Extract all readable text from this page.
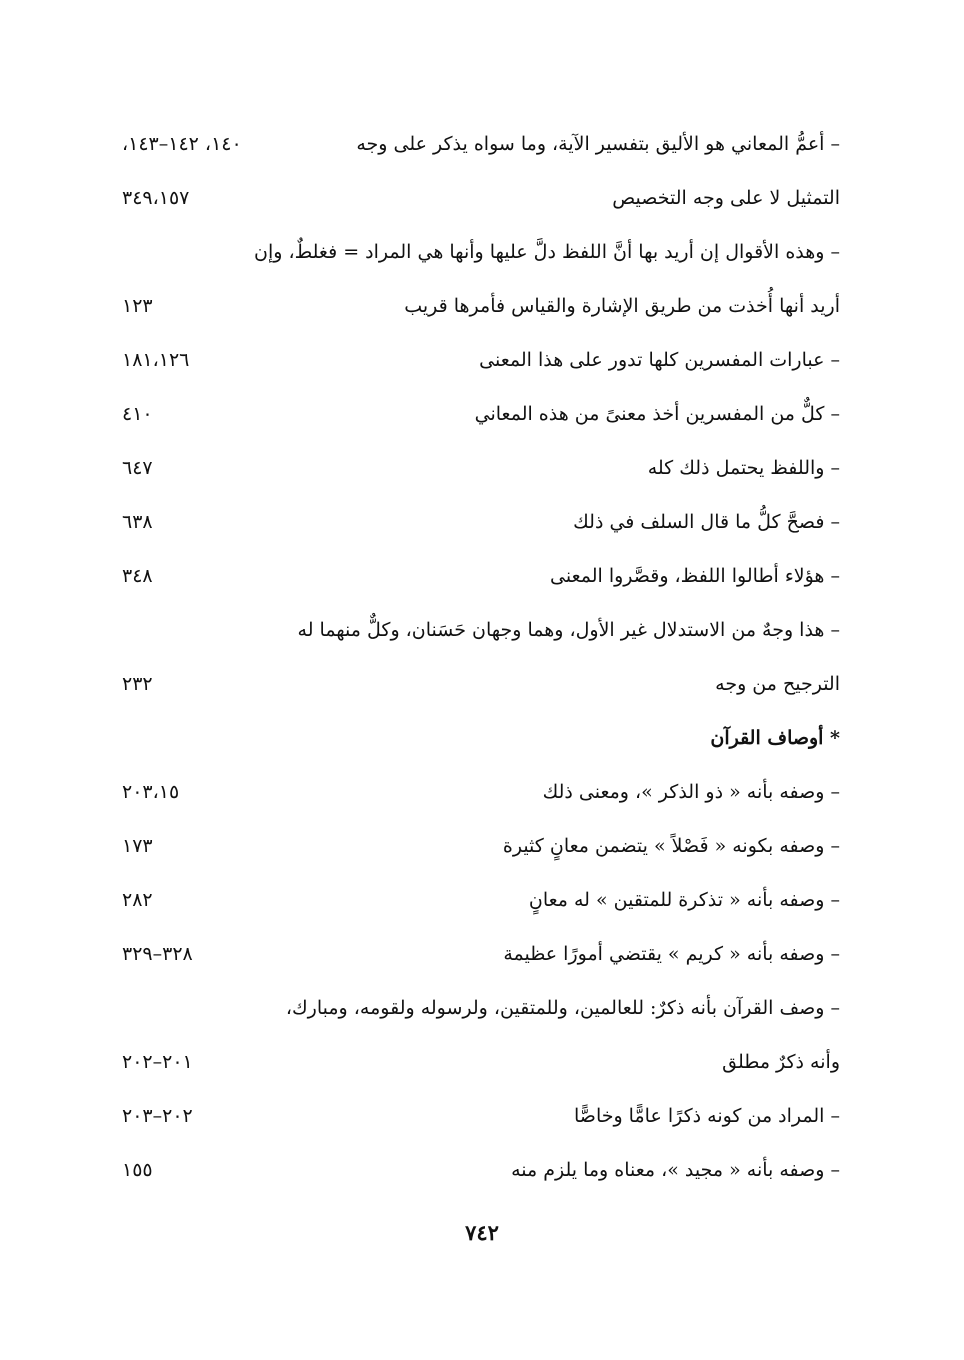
– أعمُّ المعاني هو الأليق بتفسير الآية، وما سواه يذكر على وجه
١٤٠، ١٤٢–١٤٣،
التمثيل لا على وجه التخصيص
٣٤٩،١٥٧
– وهذه الأقوال إن أريد بها أنَّ اللفظ دلَّ عليها وأنها هي المراد = فغلطٌ، وإن
أريد أنها أُخذت من طريق الإشارة والقياس فأمرها قريب
١٢٣
– عبارات المفسرين كلها تدور على هذا المعنى
١٨١،١٢٦
– كلٌّ من المفسرين أخذ معنىً من هذه المعاني
٤١٠
– واللفظ يحتمل ذلك كله
٦٤٧
– فصحَّ كلُّ ما قال السلف في ذلك
٦٣٨
– هؤلاء أطالوا اللفظ، وقصَّروا المعنى
٣٤٨
– هذا وجهٌ من الاستدلال غير الأول، وهما وجهان حَسَنان، وكلٌّ منهما له
الترجيح من وجه
٢٣٢
* أوصاف القرآن
– وصفه بأنه « ذو الذكر »، ومعنى ذلك
٢٠٣،١٥
– وصفه بكونه « فَصْلاً » يتضمن معانٍ كثيرة
١٧٣
– وصفه بأنه « تذكرة للمتقين » له معانٍ
٢٨٢
– وصفه بأنه « كريم » يقتضي أمورًا عظيمة
٣٢٨–٣٢٩
– وصف القرآن بأنه ذكرٌ: للعالمين، وللمتقين، ولرسوله ولقومه، ومبارك،
وأنه ذكرٌ مطلق
٢٠١–٢٠٢
– المراد من كونه ذكرًا عامًّا وخاصًّا
٢٠٢–٢٠٣
– وصفه بأنه « مجيد »، معناه وما يلزم منه
١٥٥
٧٤٢
